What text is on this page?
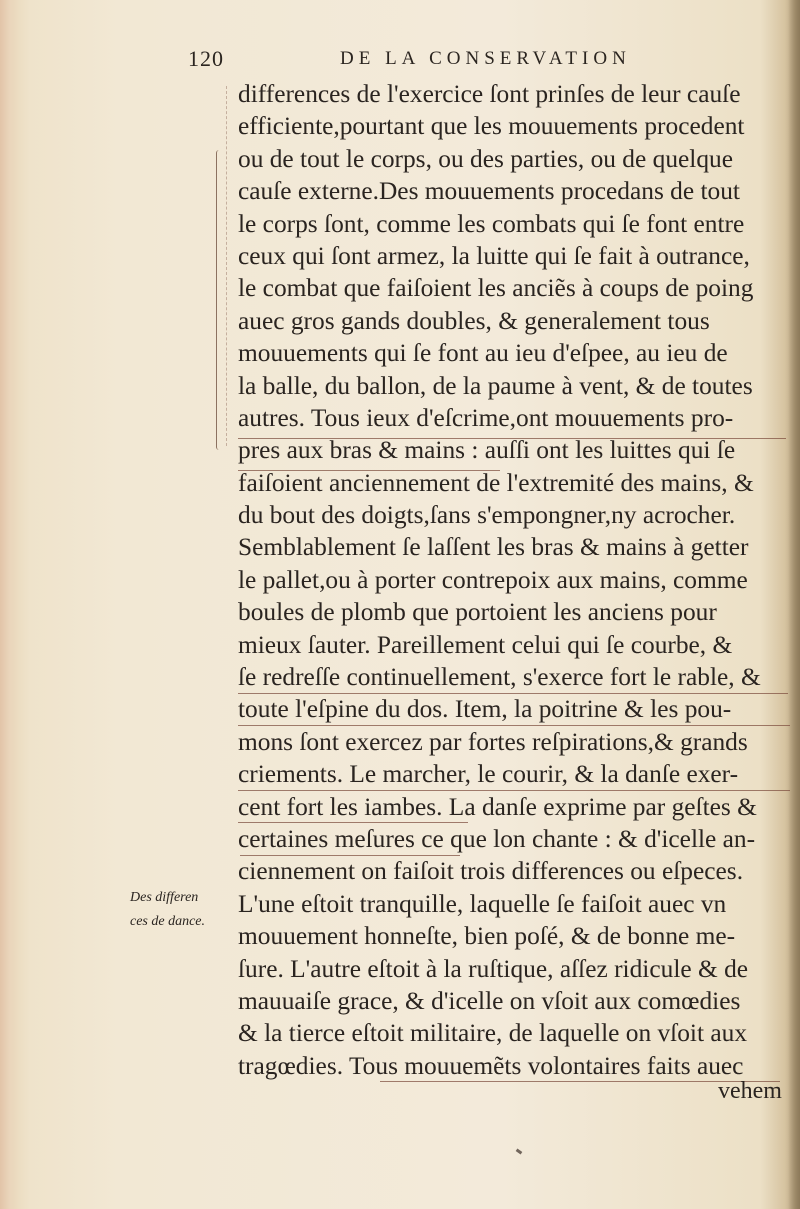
120	DE LA CONSERVATION
differences de l'exercice ſont prinſes de leur cauſe
efficiente,pourtant que les mouuements procedent
ou de tout le corps, ou des parties, ou de quelque
cauſe externe.Des mouuements procedans de tout
le corps ſont, comme les combats qui ſe font entre
ceux qui ſont armez, la luitte qui ſe fait à outrance,
le combat que faiſoient les anciẽs à coups de poing
auec gros gands doubles, & generalement tous
mouuements qui ſe font au ieu d'eſpee, au ieu de
la balle, du ballon, de la paume à vent, & de toutes
autres. Tous ieux d'eſcrime,ont mouuements pro-
pres aux bras & mains : auſſi ont les luittes qui ſe
faiſoient anciennement de l'extremité des mains, &
du bout des doigts,ſans s'empongner,ny acrocher.
Semblablement ſe laſſent les bras & mains à getter
le pallet,ou à porter contrepoix aux mains, comme
boules de plomb que portoient les anciens pour
mieux ſauter. Pareillement celui qui ſe courbe, &
ſe redreſſe continuellement, s'exerce fort le rable, &
toute l'eſpine du dos. Item, la poitrine & les pou-
mons ſont exercez par fortes reſpirations,& grands
criements. Le marcher, le courir, & la danſe exer-
cent fort les iambes. La danſe exprime par geſtes &
certaines meſures ce que lon chante : & d'icelle an-
ciennement on faiſoit trois differences ou eſpeces.
L'une eſtoit tranquille, laquelle ſe faiſoit auec vn
mouuement honneſte, bien poſé, & de bonne me-
ſure. L'autre eſtoit à la ruſtique, aſſez ridicule & de
mauuaiſe grace, & d'icelle on vſoit aux comœdies
& la tierce eſtoit militaire, de laquelle on vſoit aux
tragœdies. Tous mouuemẽts volontaires faits auec
Des differen
ces de dance.
vehem
